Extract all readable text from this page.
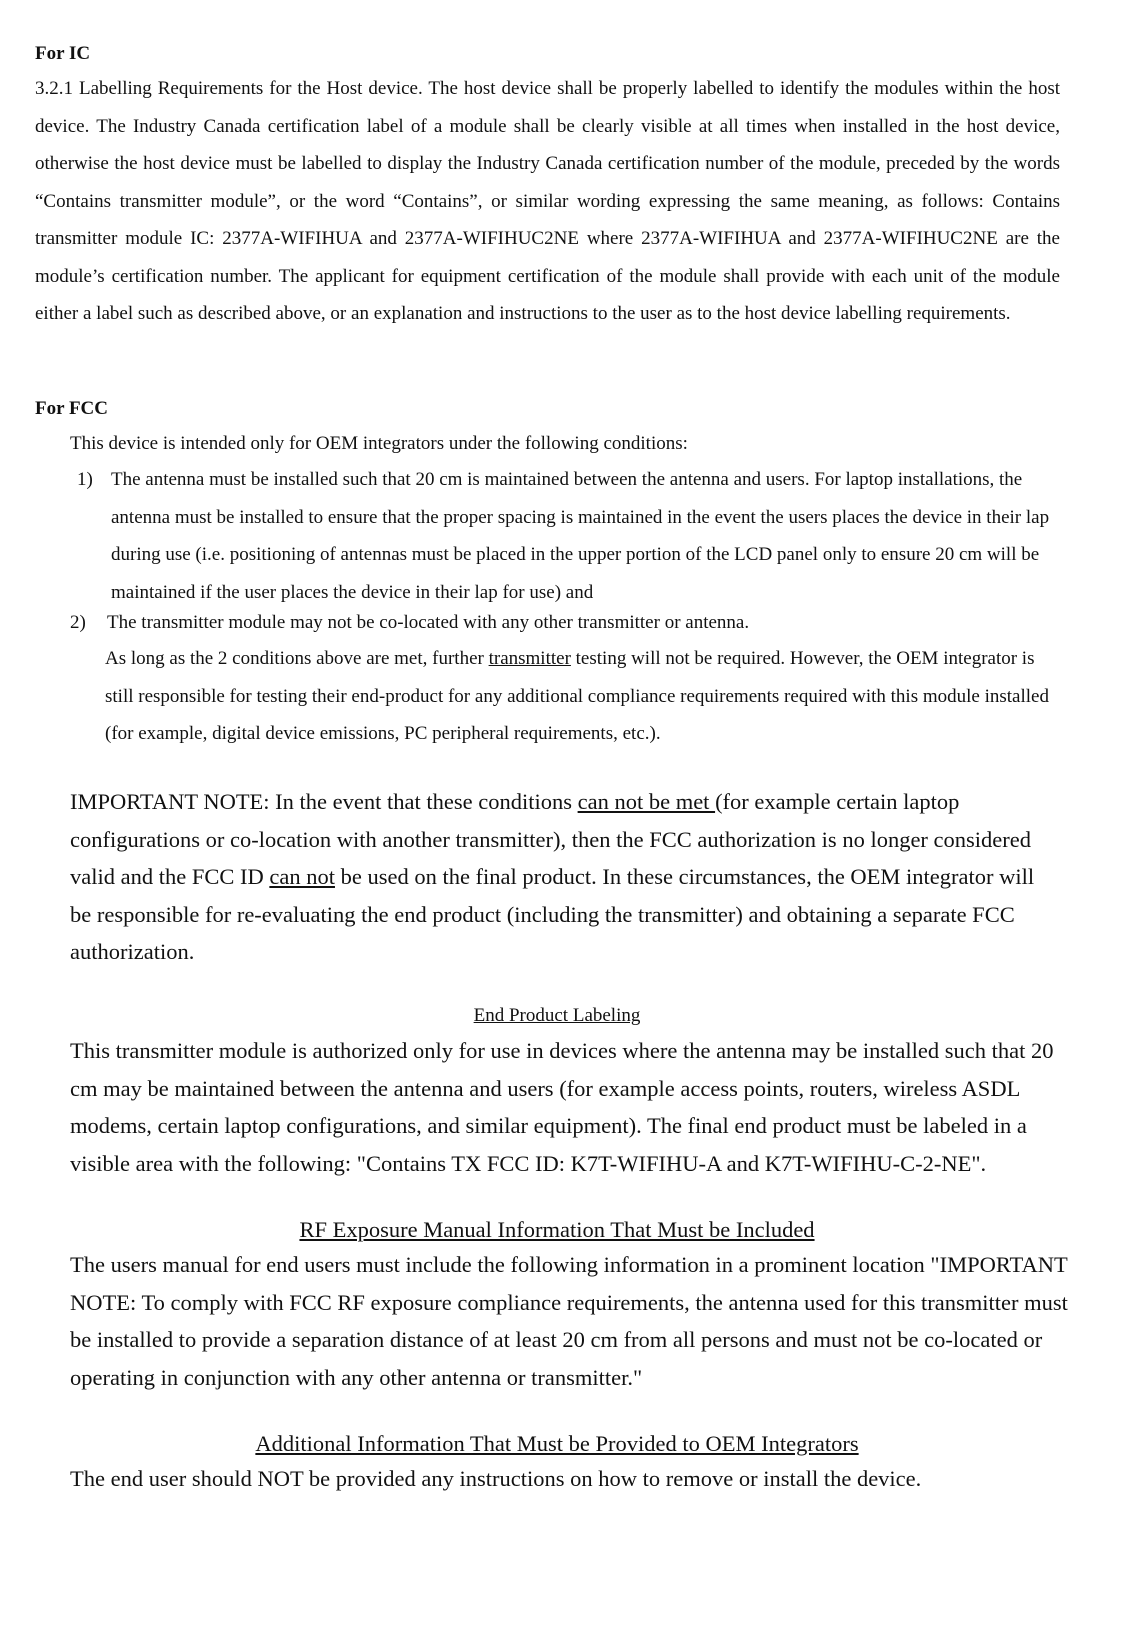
For IC

3.2.1 Labelling Requirements for the Host device. The host device shall be properly labelled to identify the modules within the host device. The Industry Canada certification label of a module shall be clearly visible at all times when installed in the host device, otherwise the host device must be labelled to display the Industry Canada certification number of the module, preceded by the words “Contains transmitter module”, or the word “Contains”, or similar wording expressing the same meaning, as follows: Contains transmitter module IC: 2377A-WIFIHUA and 2377A-WIFIHUC2NE where 2377A-WIFIHUA and 2377A-WIFIHUC2NE are the module’s certification number. The applicant for equipment certification of the module shall provide with each unit of the module either a label such as described above, or an explanation and instructions to the user as to the host device labelling requirements.

For FCC
This device is intended only for OEM integrators under the following conditions:
1) The antenna must be installed such that 20 cm is maintained between the antenna and users. For laptop installations, the antenna must be installed to ensure that the proper spacing is maintained in the event the users places the device in their lap during use (i.e. positioning of antennas must be placed in the upper portion of the LCD panel only to ensure 20 cm will be maintained if the user places the device in their lap for use) and
2) The transmitter module may not be co-located with any other transmitter or antenna.

As long as the 2 conditions above are met, further transmitter testing will not be required. However, the OEM integrator is still responsible for testing their end-product for any additional compliance requirements required with this module installed (for example, digital device emissions, PC peripheral requirements, etc.).

IMPORTANT NOTE: In the event that these conditions can not be met (for example certain laptop configurations or co-location with another transmitter), then the FCC authorization is no longer considered valid and the FCC ID can not be used on the final product. In these circumstances, the OEM integrator will be responsible for re-evaluating the end product (including the transmitter) and obtaining a separate FCC authorization.

End Product Labeling

This transmitter module is authorized only for use in devices where the antenna may be installed such that 20 cm may be maintained between the antenna and users (for example access points, routers, wireless ASDL modems, certain laptop configurations, and similar equipment). The final end product must be labeled in a visible area with the following: "Contains TX FCC ID: K7T-WIFIHU-A and K7T-WIFIHU-C-2-NE".

RF Exposure Manual Information That Must be Included

The users manual for end users must include the following information in a prominent location "IMPORTANT NOTE: To comply with FCC RF exposure compliance requirements, the antenna used for this transmitter must be installed to provide a separation distance of at least 20 cm from all persons and must not be co-located or operating in conjunction with any other antenna or transmitter."

Additional Information That Must be Provided to OEM Integrators

The end user should NOT be provided any instructions on how to remove or install the device.
